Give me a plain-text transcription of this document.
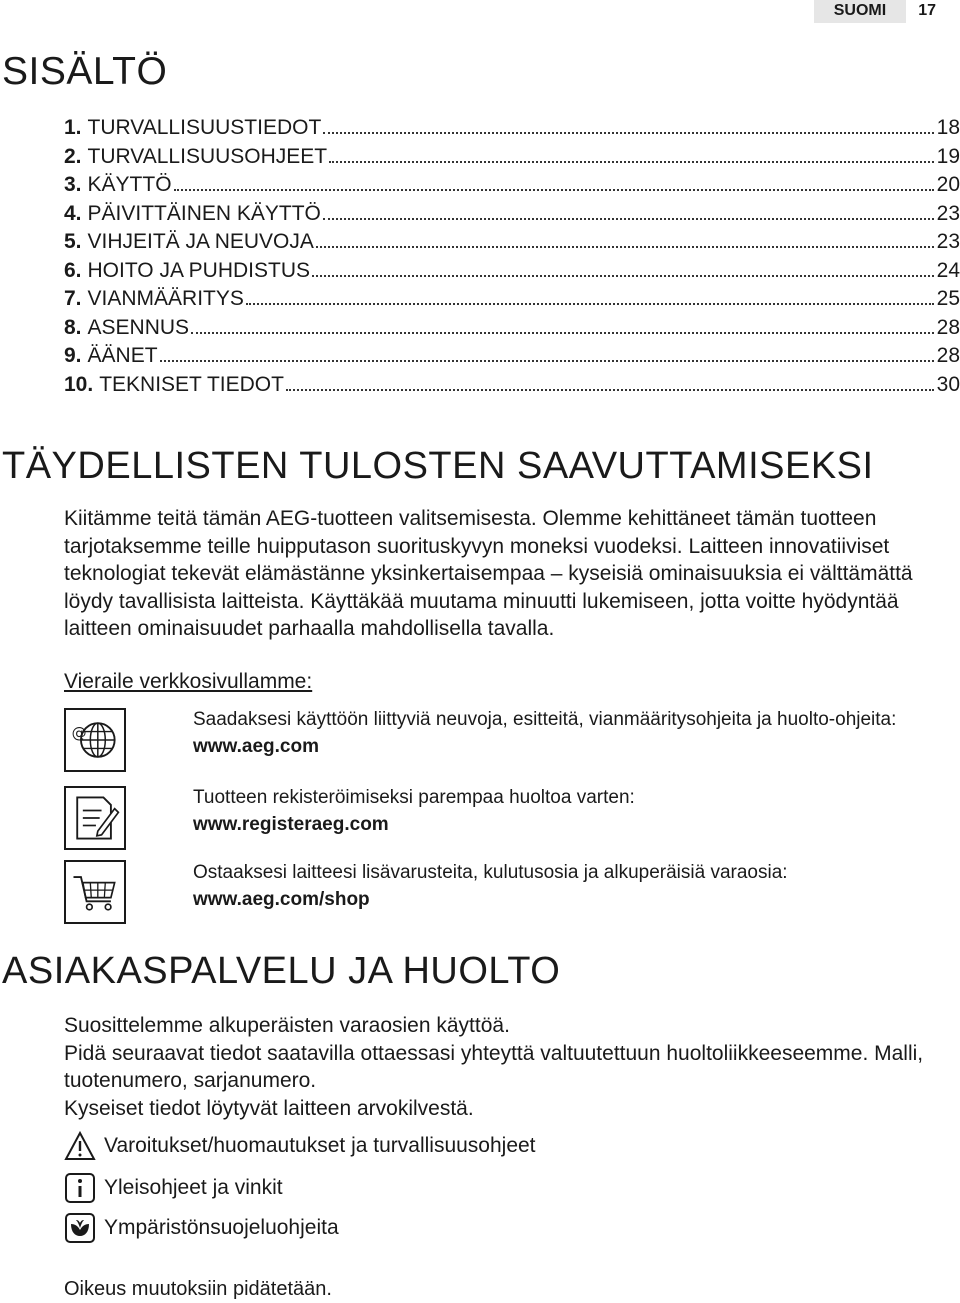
SUOMI	17
SISÄLTÖ
1. TURVALLISUUSTIEDOT	18
2. TURVALLISUUSOHJEET	19
3. KÄYTTÖ	20
4. PÄIVITTÄINEN KÄYTTÖ	23
5. VIHJEITÄ JA NEUVOJA	23
6. HOITO JA PUHDISTUS	24
7. VIANMÄÄRITYS	25
8. ASENNUS	28
9. ÄÄNET	28
10. TEKNISET TIEDOT	30
TÄYDELLISTEN TULOSTEN SAAVUTTAMISEKSI

Kiitämme teitä tämän AEG-tuotteen valitsemisesta. Olemme kehittäneet tämän tuotteen tarjotaksemme teille huipputason suorituskyvyn moneksi vuodeksi. Laitteen innovatiiviset teknologiat tekevät elämästänne yksinkertaisempaa – kyseisiä ominaisuuksia ei välttämättä löydy tavallisista laitteista. Käyttäkää muutama minuutti lukemiseen, jotta voitte hyödyntää laitteen ominaisuudet parhaalla mahdollisella tavalla.

Vieraile verkkosivullamme:
@
Saadaksesi käyttöön liittyviä neuvoja, esitteitä, vianmääritysohjeita ja huolto-ohjeita:
www.aeg.com
Tuotteen rekisteröimiseksi parempaa huoltoa varten:
www.registeraeg.com
Ostaaksesi laitteesi lisävarusteita, kulutusosia ja alkuperäisiä varaosia:
www.aeg.com/shop
ASIAKASPALVELU JA HUOLTO

Suosittelemme alkuperäisten varaosien käyttöä.

Pidä seuraavat tiedot saatavilla ottaessasi yhteyttä valtuutettuun huoltoliikkeeseemme. Malli, tuotenumero, sarjanumero.

Kyseiset tiedot löytyvät laitteen arvokilvestä.

Varoitukset/huomautukset ja turvallisuusohjeet
Yleisohjeet ja vinkit
Ympäristönsuojeluohjeita
Oikeus muutoksiin pidätetään.
